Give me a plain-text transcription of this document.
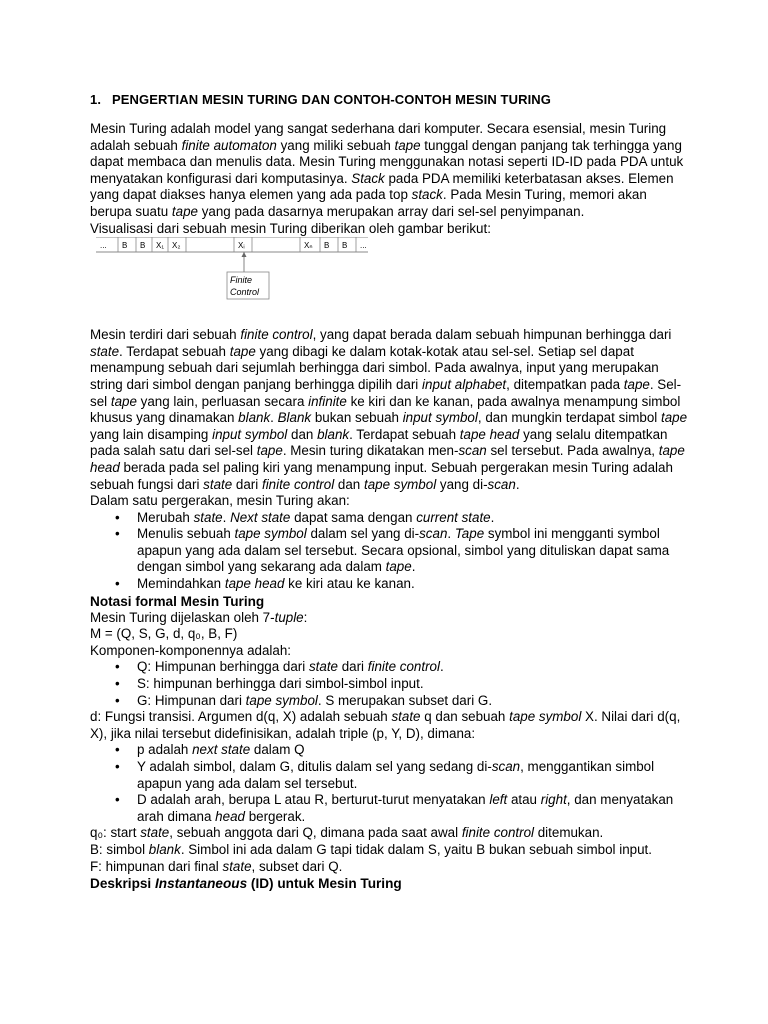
1. PENGERTIAN MESIN TURING DAN CONTOH-CONTOH MESIN TURING

Mesin Turing adalah model yang sangat sederhana dari komputer. Secara esensial, mesin Turing adalah sebuah finite automaton yang miliki sebuah tape tunggal dengan panjang tak terhingga yang dapat membaca dan menulis data. Mesin Turing menggunakan notasi seperti ID-ID pada PDA untuk menyatakan konfigurasi dari komputasinya. Stack pada PDA memiliki keterbatasan akses. Elemen yang dapat diakses hanya elemen yang ada pada top stack. Pada Mesin Turing, memori akan berupa suatu tape yang pada dasarnya merupakan array dari sel-sel penyimpanan.

Visualisasi dari sebuah mesin Turing diberikan oleh gambar berikut:

... B B X₁ X₂	Xᵢ	Xₙ B B ...
Finite
Control

Mesin terdiri dari sebuah finite control, yang dapat berada dalam sebuah himpunan berhingga dari state. Terdapat sebuah tape yang dibagi ke dalam kotak-kotak atau sel-sel. Setiap sel dapat menampung sebuah dari sejumlah berhingga dari simbol. Pada awalnya, input yang merupakan string dari simbol dengan panjang berhingga dipilih dari input alphabet, ditempatkan pada tape. Sel-sel tape yang lain, perluasan secara infinite ke kiri dan ke kanan, pada awalnya menampung simbol khusus yang dinamakan blank. Blank bukan sebuah input symbol, dan mungkin terdapat simbol tape yang lain disamping input symbol dan blank. Terdapat sebuah tape head yang selalu ditempatkan pada salah satu dari sel-sel tape. Mesin turing dikatakan men-scan sel tersebut. Pada awalnya, tape head berada pada sel paling kiri yang menampung input. Sebuah pergerakan mesin Turing adalah sebuah fungsi dari state dari finite control dan tape symbol yang di-scan.

Dalam satu pergerakan, mesin Turing akan:

• Merubah state. Next state dapat sama dengan current state.
• Menulis sebuah tape symbol dalam sel yang di-scan. Tape symbol ini mengganti symbol apapun yang ada dalam sel tersebut. Secara opsional, simbol yang dituliskan dapat sama dengan simbol yang sekarang ada dalam tape.
• Memindahkan tape head ke kiri atau ke kanan.
Notasi formal Mesin Turing

Mesin Turing dijelaskan oleh 7-tuple:

M = (Q, S, G, d, q₀, B, F)

Komponen-komponennya adalah:

• Q: Himpunan berhingga dari state dari finite control.
• S: himpunan berhingga dari simbol-simbol input.
• G: Himpunan dari tape symbol. S merupakan subset dari G.

d: Fungsi transisi. Argumen d(q, X) adalah sebuah state q dan sebuah tape symbol X. Nilai dari d(q, X), jika nilai tersebut didefinisikan, adalah triple (p, Y, D), dimana:

• p adalah next state dalam Q
• Y adalah simbol, dalam G, ditulis dalam sel yang sedang di-scan, menggantikan simbol apapun yang ada dalam sel tersebut.
• D adalah arah, berupa L atau R, berturut-turut menyatakan left atau right, dan menyatakan arah dimana head bergerak.

q₀: start state, sebuah anggota dari Q, dimana pada saat awal finite control ditemukan.

B: simbol blank. Simbol ini ada dalam G tapi tidak dalam S, yaitu B bukan sebuah simbol input.

F: himpunan dari final state, subset dari Q.

Deskripsi Instantaneous (ID) untuk Mesin Turing
